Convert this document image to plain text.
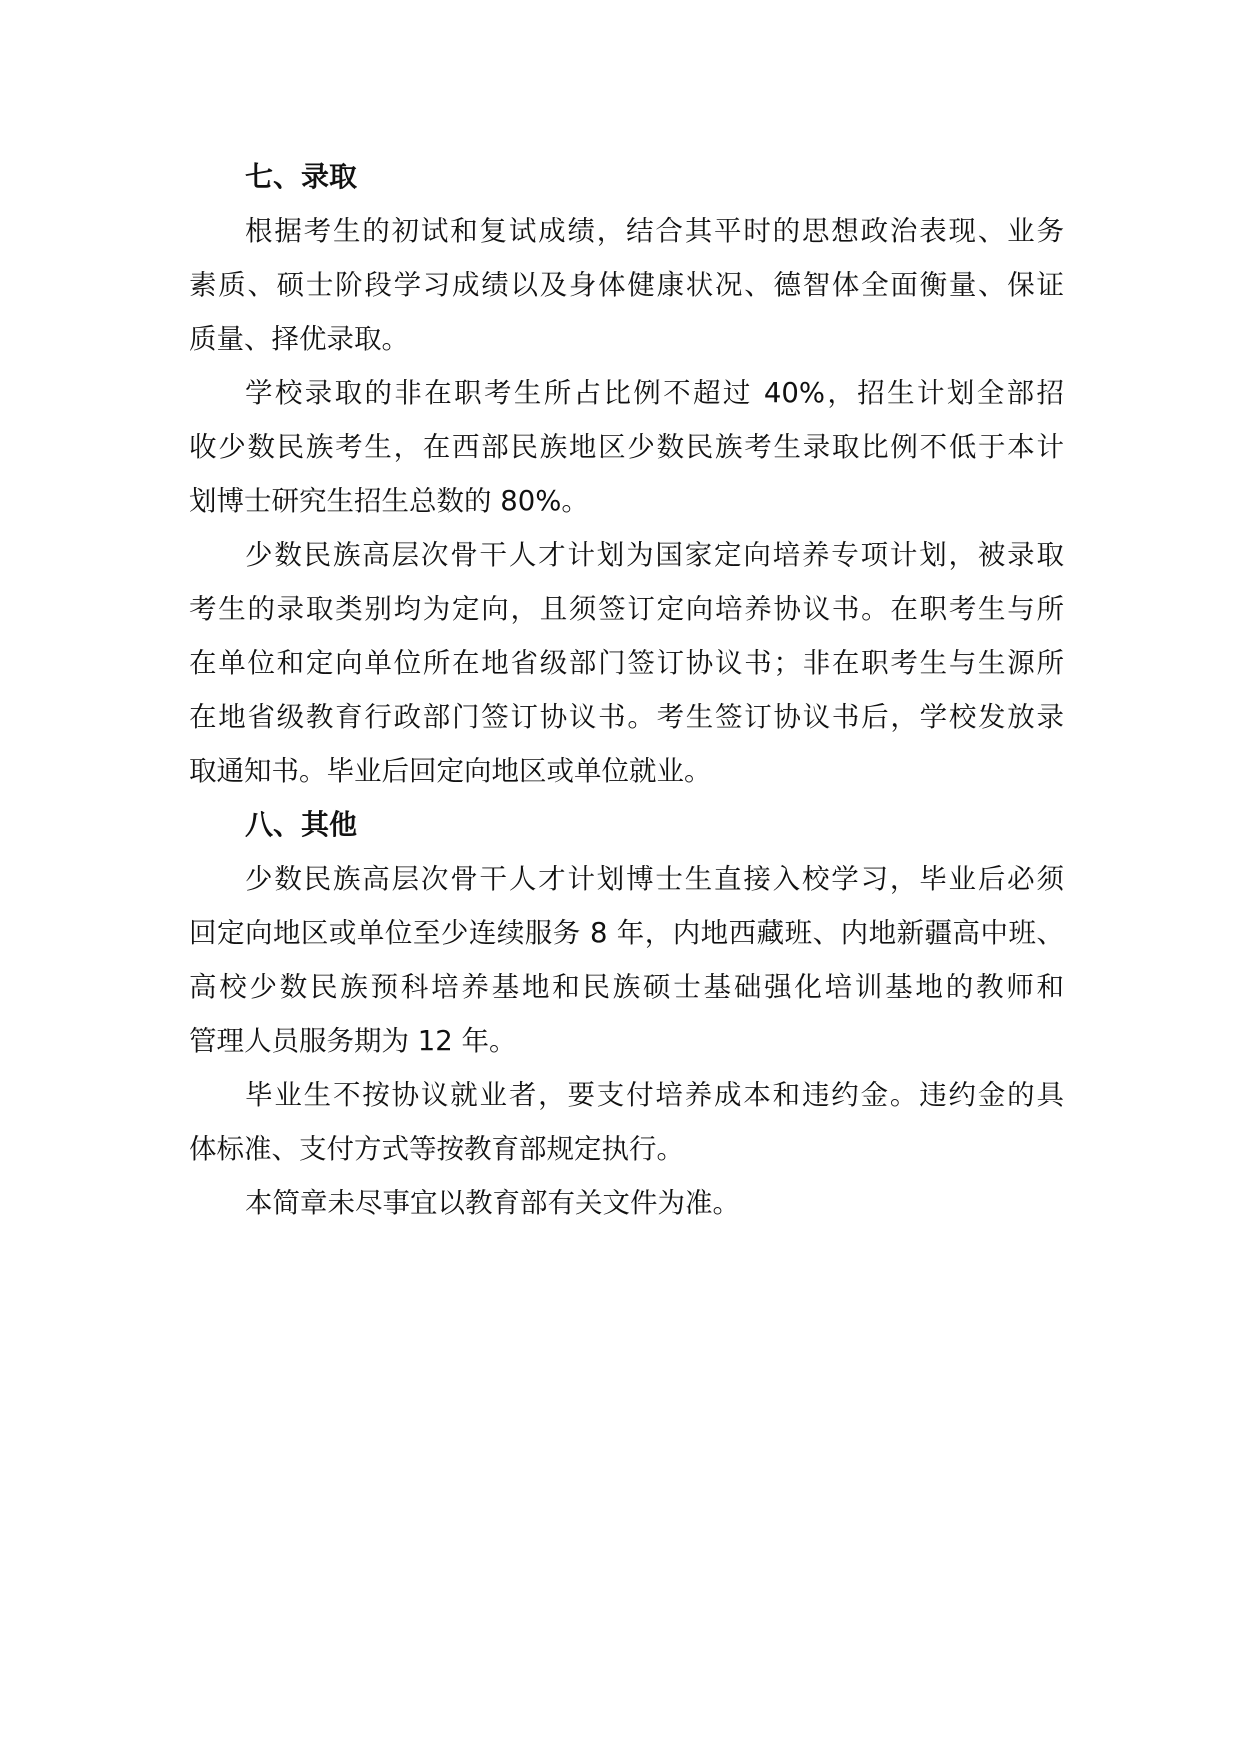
七、录取

根据考生的初试和复试成绩，结合其平时的思想政治表现、业务
素质、硕士阶段学习成绩以及身体健康状况、德智体全面衡量、保证
质量、择优录取。

学校录取的非在职考生所占比例不超过 40%，招生计划全部招
收少数民族考生，在西部民族地区少数民族考生录取比例不低于本计
划博士研究生招生总数的 80%。

少数民族高层次骨干人才计划为国家定向培养专项计划，被录取
考生的录取类别均为定向，且须签订定向培养协议书。在职考生与所
在单位和定向单位所在地省级部门签订协议书；非在职考生与生源所
在地省级教育行政部门签订协议书。考生签订协议书后，学校发放录
取通知书。毕业后回定向地区或单位就业。

八、其他

少数民族高层次骨干人才计划博士生直接入校学习，毕业后必须
回定向地区或单位至少连续服务 8 年，内地西藏班、内地新疆高中班、
高校少数民族预科培养基地和民族硕士基础强化培训基地的教师和
管理人员服务期为 12 年。

毕业生不按协议就业者，要支付培养成本和违约金。违约金的具
体标准、支付方式等按教育部规定执行。

本简章未尽事宜以教育部有关文件为准。
